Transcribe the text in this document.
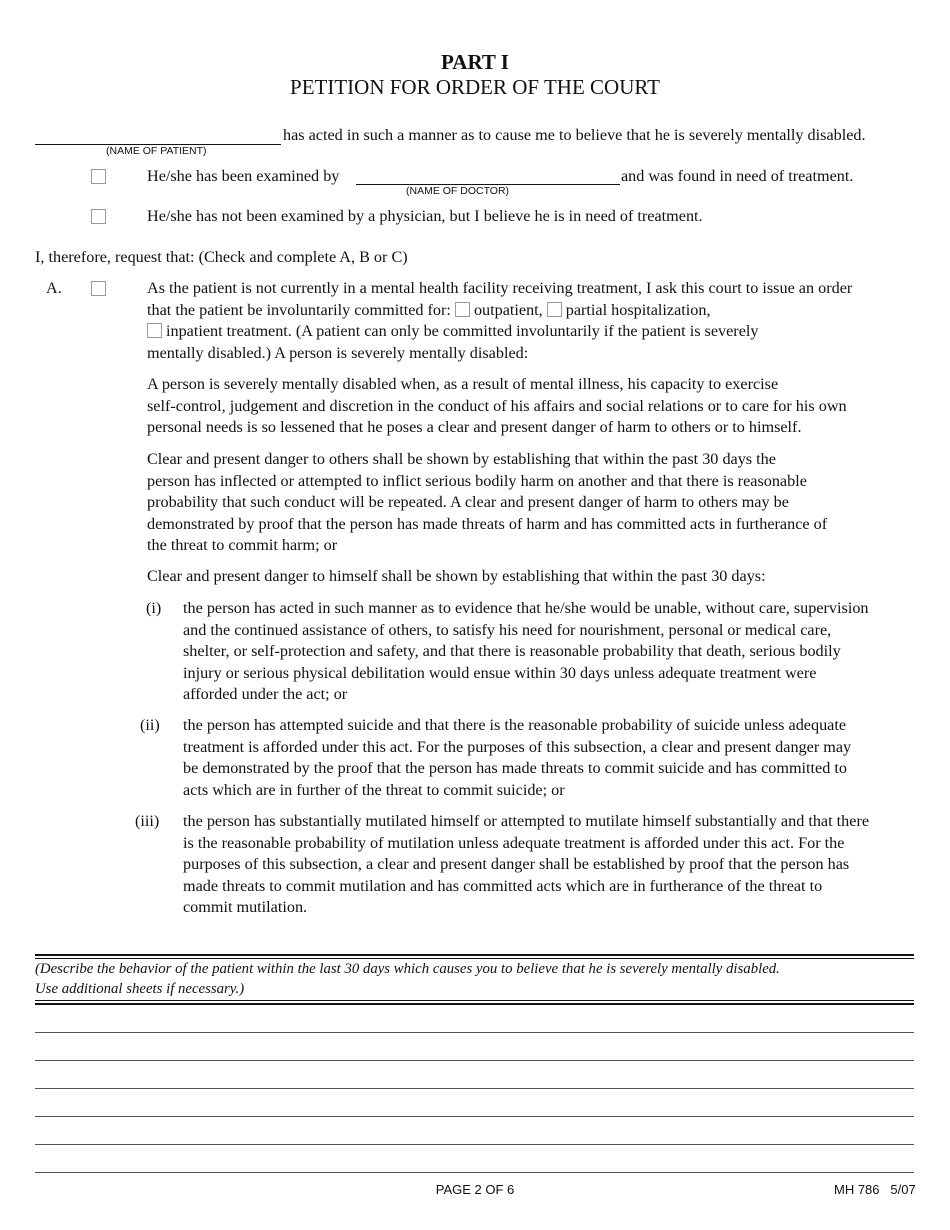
PART I
PETITION FOR ORDER OF THE COURT
(NAME OF PATIENT)
has acted in such a manner as to cause me to believe that he is severely mentally disabled.
He/she has been examined by
(NAME OF DOCTOR)
and was found in need of treatment.
He/she has not been examined by a physician, but I believe he is in need of treatment.
I, therefore, request that: (Check and complete A, B or C)
A.	As the patient is not currently in a mental health facility receiving treatment, I ask this court to issue an order
that the patient be involuntarily committed for: outpatient, partial hospitalization,
inpatient treatment. (A patient can only be committed involuntarily if the patient is severely
mentally disabled.) A person is severely mentally disabled:
A person is severely mentally disabled when, as a result of mental illness, his capacity to exercise
self-control, judgement and discretion in the conduct of his affairs and social relations or to care for his own
personal needs is so lessened that he poses a clear and present danger of harm to others or to himself.
Clear and present danger to others shall be shown by establishing that within the past 30 days the
person has inflected or attempted to inflict serious bodily harm on another and that there is reasonable
probability that such conduct will be repeated. A clear and present danger of harm to others may be
demonstrated by proof that the person has made threats of harm and has committed acts in furtherance of
the threat to commit harm; or
Clear and present danger to himself shall be shown by establishing that within the past 30 days:
(i) the person has acted in such manner as to evidence that he/she would be unable, without care, supervision
and the continued assistance of others, to satisfy his need for nourishment, personal or medical care,
shelter, or self-protection and safety, and that there is reasonable probability that death, serious bodily
injury or serious physical debilitation would ensue within 30 days unless adequate treatment were
afforded under the act; or
(ii) the person has attempted suicide and that there is the reasonable probability of suicide unless adequate
treatment is afforded under this act. For the purposes of this subsection, a clear and present danger may
be demonstrated by the proof that the person has made threats to commit suicide and has committed to
acts which are in further of the threat to commit suicide; or
(iii) the person has substantially mutilated himself or attempted to mutilate himself substantially and that there
is the reasonable probability of mutilation unless adequate treatment is afforded under this act. For the
purposes of this subsection, a clear and present danger shall be established by proof that the person has
made threats to commit mutilation and has committed acts which are in furtherance of the threat to
commit mutilation.
(Describe the behavior of the patient within the last 30 days which causes you to believe that he is severely mentally disabled.
Use additional sheets if necessary.)
PAGE 2 OF 6	MH 786 5/07
